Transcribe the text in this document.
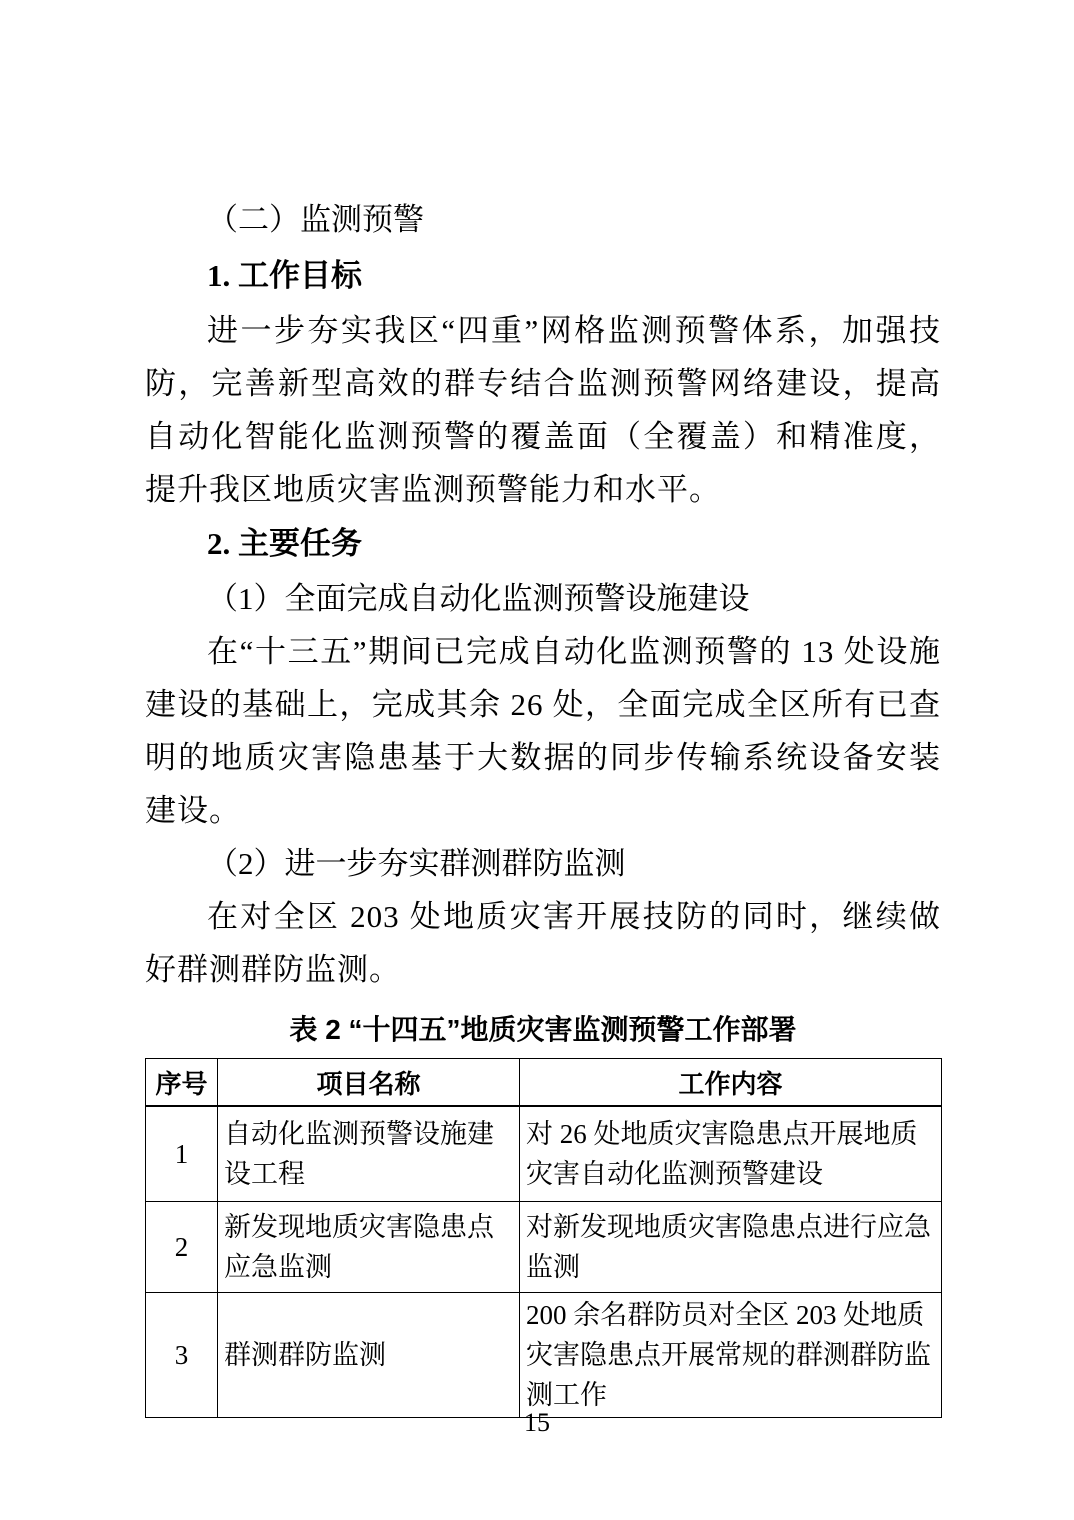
（二）监测预警
1. 工作目标

进一步夯实我区“四重”网格监测预警体系，加强技防，完善新型高效的群专结合监测预警网络建设，提高自动化智能化监测预警的覆盖面（全覆盖）和精准度，提升我区地质灾害监测预警能力和水平。

2. 主要任务
（1）全面完成自动化监测预警设施建设

在“十三五”期间已完成自动化监测预警的 13 处设施建设的基础上，完成其余 26 处，全面完成全区所有已查明的地质灾害隐患基于大数据的同步传输系统设备安装建设。

（2）进一步夯实群测群防监测

在对全区 203 处地质灾害开展技防的同时，继续做好群测群防监测。

表 2 “十四五”地质灾害监测预警工作部署
序号	项目名称	工作内容
1	自动化监测预警设施建设工程	对 26 处地质灾害隐患点开展地质灾害自动化监测预警建设
2	新发现地质灾害隐患点应急监测	对新发现地质灾害隐患点进行应急监测
3	群测群防监测	200 余名群防员对全区 203 处地质灾害隐患点开展常规的群测群防监测工作
15
